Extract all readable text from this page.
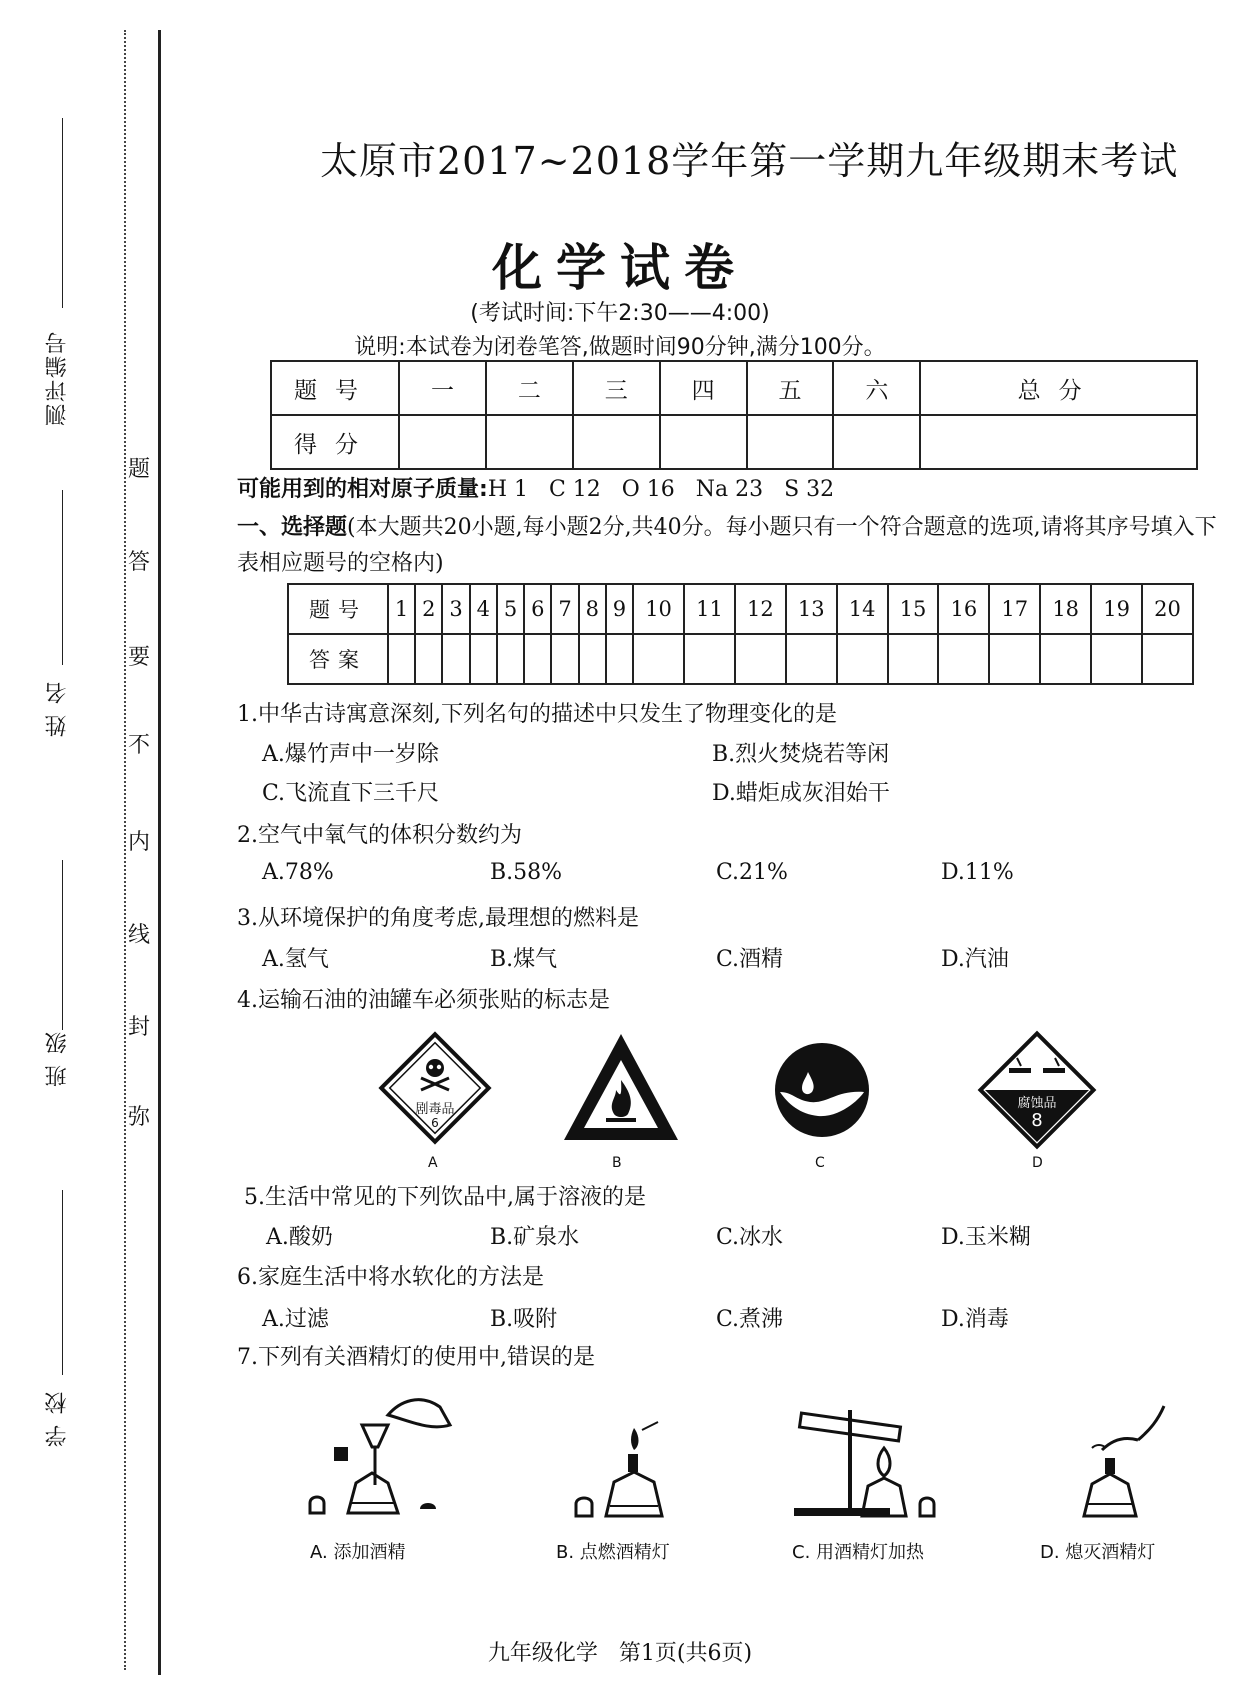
测评编号
姓 名
班 级
学 校
弥
封
线
内
不
要
答
题
太原市2017~2018学年第一学期九年级期末考试
化学试卷
(考试时间:下午2:30——4:00)
说明:本试卷为闭卷笔答,做题时间90分钟,满分100分。
题号	一	二	三	四	五	六	总分
得分							
可能用到的相对原子质量:H 1   C 12   O 16   Na 23   S 32
一、选择题(本大题共20小题,每小题2分,共40分。每小题只有一个符合题意的选项,请将其序号填入下表相应题号的空格内)
题号	1	2	3	4	5	6	7	8	9	10	11	12	13	14	15	16	17	18	19	20
答案																				
1.中华古诗寓意深刻,下列名句的描述中只发生了物理变化的是
A.爆竹声中一岁除	B.烈火焚烧若等闲
C.飞流直下三千尺	D.蜡炬成灰泪始干
2.空气中氧气的体积分数约为
A.78%	B.58%	C.21%	D.11%
3.从环境保护的角度考虑,最理想的燃料是
A.氢气	B.煤气	C.酒精	D.汽油
4.运输石油的油罐车必须张贴的标志是
剧毒品
6
A	B	C
腐蚀品
8
D
5.生活中常见的下列饮品中,属于溶液的是
A.酸奶	B.矿泉水	C.冰水	D.玉米糊
6.家庭生活中将水软化的方法是
A.过滤	B.吸附	C.煮沸	D.消毒
7.下列有关酒精灯的使用中,错误的是
A. 添加酒精	B. 点燃酒精灯	C. 用酒精灯加热	D. 熄灭酒精灯
九年级化学   第1页(共6页)
